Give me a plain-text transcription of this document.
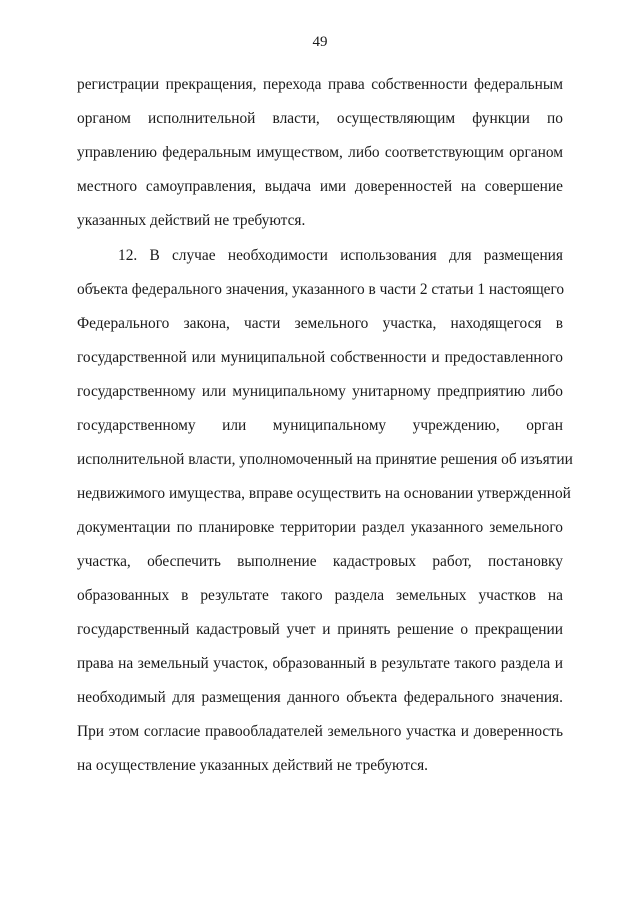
49
регистрации прекращения, перехода права собственности федеральным
органом исполнительной власти, осуществляющим функции по
управлению федеральным имуществом, либо соответствующим органом
местного самоуправления, выдача ими доверенностей на совершение
указанных действий не требуются.
12. В случае необходимости использования для размещения
объекта федерального значения, указанного в части 2 статьи 1 настоящего
Федерального закона, части земельного участка, находящегося в
государственной или муниципальной собственности и предоставленного
государственному или муниципальному унитарному предприятию либо
государственному или муниципальному учреждению, орган
исполнительной власти, уполномоченный на принятие решения об изъятии
недвижимого имущества, вправе осуществить на основании утвержденной
документации по планировке территории раздел указанного земельного
участка, обеспечить выполнение кадастровых работ, постановку
образованных в результате такого раздела земельных участков на
государственный кадастровый учет и принять решение о прекращении
права на земельный участок, образованный в результате такого раздела и
необходимый для размещения данного объекта федерального значения.
При этом согласие правообладателей земельного участка и доверенность
на осуществление указанных действий не требуются.
